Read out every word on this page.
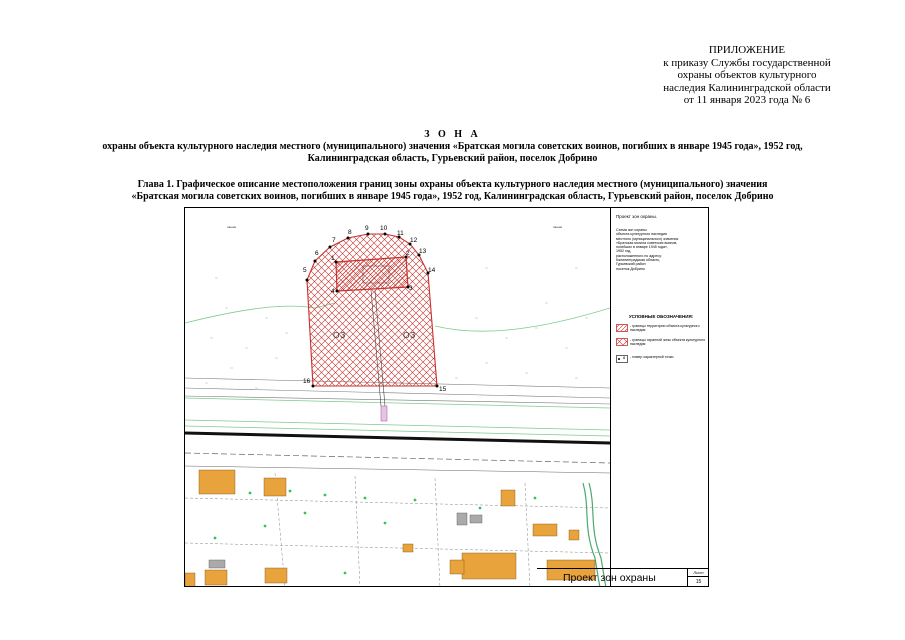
ПРИЛОЖЕНИЕ
к приказу Службы государственной
охраны объектов культурного
наследия Калининградской области
от 11 января 2023 года № 6
З О Н А
охраны объекта культурного наследия местного (муниципального) значения «Братская могила советских воинов, погибших в январе 1945 года», 1952 год,
Калининградская область, Гурьевский район, поселок Добрино
Глава 1. Графическое описание местоположения границ зоны охраны объекта культурного наследия местного (муниципального) значения
«Братская могила советских воинов, погибших в январе 1945 года», 1952 год, Калининградская область, Гурьевский район, поселок Добрино
1
2
3
4
5
6
7
8
9 10
11
12
13
14
15
16
ОЗ	ОЗ
пашня	пашня
Проект зон охраны.
Схема зон охраны
объекта культурного наследия
местного (муниципального) значения
«Братская могила советских воинов,
погибших в январе 1945 года»,
1952 год,
расположенного по адресу:
Калининградская область,
Гурьевский район
поселок Добрино
УСЛОВНЫЕ ОБОЗНАЧЕНИЯ:
- границы территории объекта культурного наследия
- границы охранной зоны объекта культурного наследия
8 - номер характерной точки
Проект зон охраны	Лист
15
